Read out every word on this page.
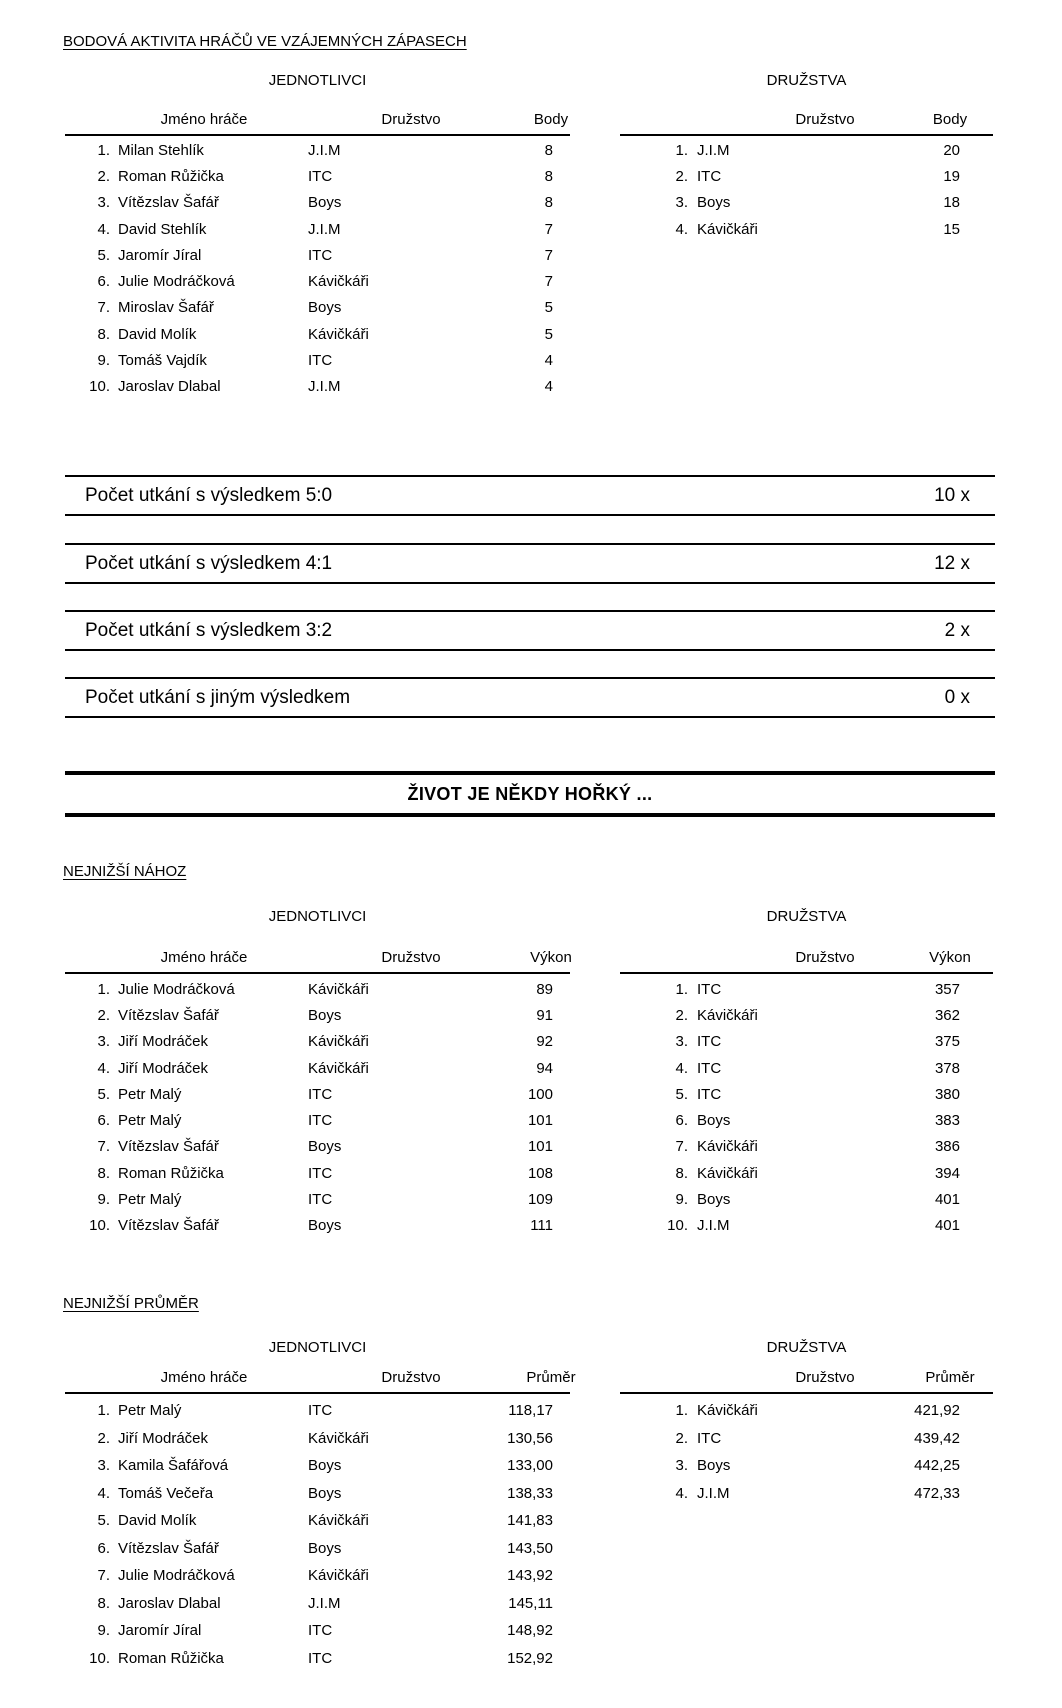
BODOVÁ AKTIVITA HRÁČŮ VE VZÁJEMNÝCH ZÁPASECH
JEDNOTLIVCI	DRUŽSTVA
Jméno hráče	Družstvo	Body	Družstvo	Body
1. Milan Stehlík	J.I.M	8
2. Roman Růžička	ITC	8
3. Vítězslav Šafář	Boys	8
4. David Stehlík	J.I.M	7
5. Jaromír Jíral	ITC	7
6. Julie Modráčková	Kávičkáři	7
7. Miroslav Šafář	Boys	5
8. David Molík	Kávičkáři	5
9. Tomáš Vajdík	ITC	4
10. Jaroslav Dlabal	J.I.M	4
1. J.I.M	20
2. ITC	19
3. Boys	18
4. Kávičkáři	15
Počet utkání s výsledkem 5:0	10 x
Počet utkání s výsledkem 4:1	12 x
Počet utkání s výsledkem 3:2	2 x
Počet utkání s jiným výsledkem	0 x
ŽIVOT JE NĚKDY HOŘKÝ ...
NEJNIŽŠÍ NÁHOZ
JEDNOTLIVCI	DRUŽSTVA
Jméno hráče	Družstvo	Výkon	Družstvo	Výkon
1. Julie Modráčková	Kávičkáři	89
2. Vítězslav Šafář	Boys	91
3. Jiří Modráček	Kávičkáři	92
4. Jiří Modráček	Kávičkáři	94
5. Petr Malý	ITC	100
6. Petr Malý	ITC	101
7. Vítězslav Šafář	Boys	101
8. Roman Růžička	ITC	108
9. Petr Malý	ITC	109
10. Vítězslav Šafář	Boys	111
1. ITC	357
2. Kávičkáři	362
3. ITC	375
4. ITC	378
5. ITC	380
6. Boys	383
7. Kávičkáři	386
8. Kávičkáři	394
9. Boys	401
10. J.I.M	401
NEJNIŽŠÍ PRŮMĚR
JEDNOTLIVCI	DRUŽSTVA
Jméno hráče	Družstvo	Průměr	Družstvo	Průměr
1. Petr Malý	ITC	118,17
2. Jiří Modráček	Kávičkáři	130,56
3. Kamila Šafářová	Boys	133,00
4. Tomáš Večeřa	Boys	138,33
5. David Molík	Kávičkáři	141,83
6. Vítězslav Šafář	Boys	143,50
7. Julie Modráčková	Kávičkáři	143,92
8. Jaroslav Dlabal	J.I.M	145,11
9. Jaromír Jíral	ITC	148,92
10. Roman Růžička	ITC	152,92
1. Kávičkáři	421,92
2. ITC	439,42
3. Boys	442,25
4. J.I.M	472,33
